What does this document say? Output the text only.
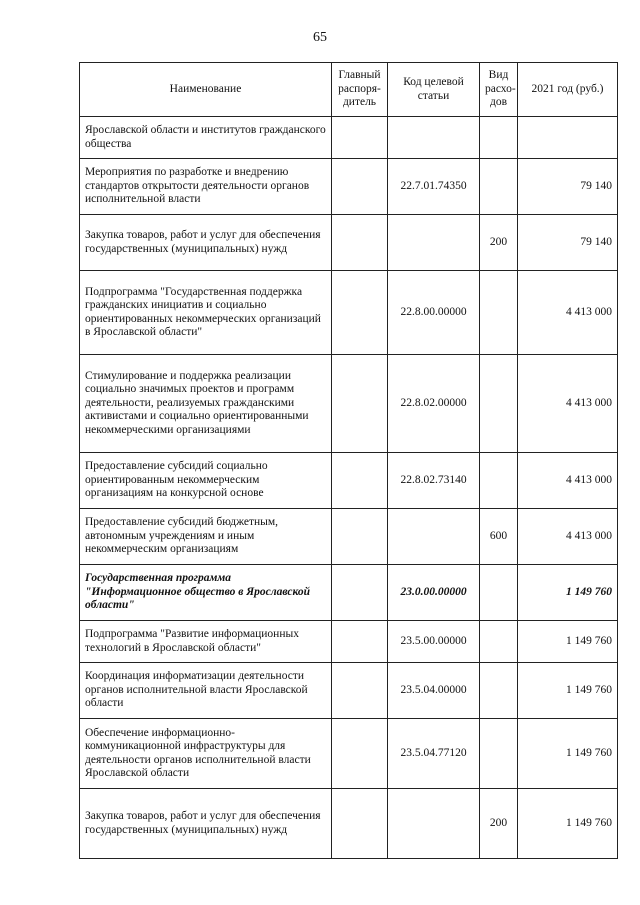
65
Наименование	Главный распоря-дитель	Код целевой статьи	Вид расхо-дов	2021 год (руб.)
Ярославской области и институтов гражданского общества				
Мероприятия по разработке и внедрению стандартов открытости деятельности органов исполнительной власти		22.7.01.74350		79 140
Закупка товаров, работ и услуг для обеспечения государственных (муниципальных) нужд			200	79 140
Подпрограмма "Государственная поддержка гражданских инициатив и социально ориентированных некоммерческих организаций в Ярославской области"		22.8.00.00000		4 413 000
Стимулирование и поддержка реализации социально значимых проектов и программ деятельности, реализуемых гражданскими активистами и социально ориентированными некоммерческими организациями		22.8.02.00000		4 413 000
Предоставление субсидий социально ориентированным некоммерческим организациям на конкурсной основе		22.8.02.73140		4 413 000
Предоставление субсидий бюджетным, автономным учреждениям и иным некоммерческим организациям			600	4 413 000
Государственная программа "Информационное общество в Ярославской области"		23.0.00.00000		1 149 760
Подпрограмма "Развитие информационных технологий в Ярославской области"		23.5.00.00000		1 149 760
Координация информатизации деятельности органов исполнительной власти Ярославской области		23.5.04.00000		1 149 760
Обеспечение информационно-коммуникационной инфраструктуры для деятельности органов исполнительной власти Ярославской области		23.5.04.77120		1 149 760
Закупка товаров, работ и услуг для обеспечения государственных (муниципальных) нужд			200	1 149 760
